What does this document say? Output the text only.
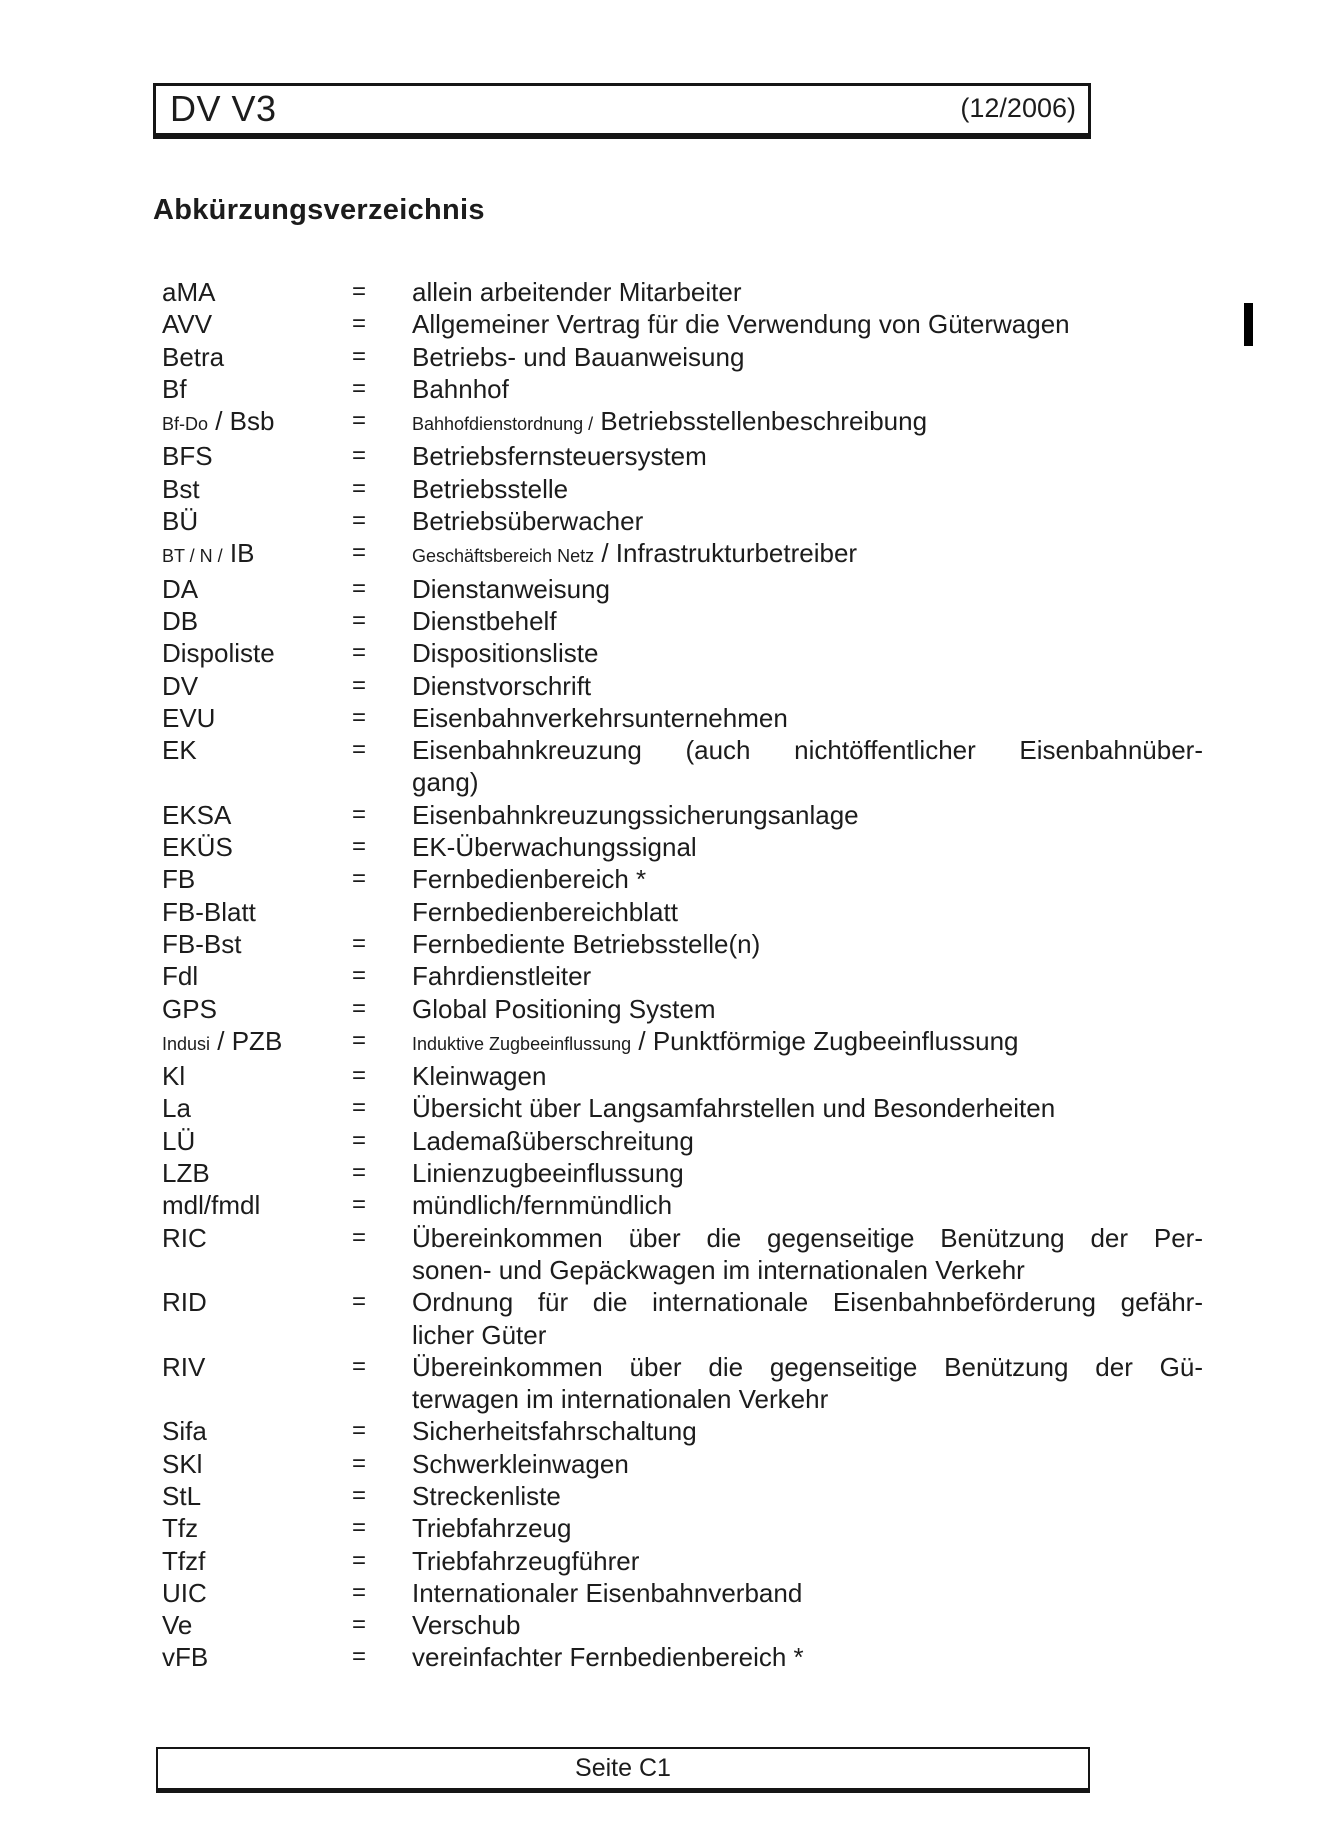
DV V3	(12/2006)
Abkürzungsverzeichnis
aMA	=	allein arbeitender Mitarbeiter
AVV	=	Allgemeiner Vertrag für die Verwendung von Güterwagen
Betra	=	Betriebs- und Bauanweisung
Bf	=	Bahnhof
Bf-Do / Bsb	=	Bahhofdienstordnung / Betriebsstellenbeschreibung
BFS	=	Betriebsfernsteuersystem
Bst	=	Betriebsstelle
BÜ	=	Betriebsüberwacher
BT / N / IB	=	Geschäftsbereich Netz / Infrastrukturbetreiber
DA	=	Dienstanweisung
DB	=	Dienstbehelf
Dispoliste	=	Dispositionsliste
DV	=	Dienstvorschrift
EVU	=	Eisenbahnverkehrsunternehmen
EK	=	Eisenbahnkreuzung (auch nichtöffentlicher Eisenbahnüber-
gang)
EKSA	=	Eisenbahnkreuzungssicherungsanlage
EKÜS	=	EK-Überwachungssignal
FB	=	Fernbedienbereich *
FB-Blatt	Fernbedienbereichblatt
FB-Bst	=	Fernbediente Betriebsstelle(n)
Fdl	=	Fahrdienstleiter
GPS	=	Global Positioning System
Indusi / PZB	=	Induktive Zugbeeinflussung / Punktförmige Zugbeeinflussung
Kl	=	Kleinwagen
La	=	Übersicht über Langsamfahrstellen und Besonderheiten
LÜ	=	Lademaßüberschreitung
LZB	=	Linienzugbeeinflussung
mdl/fmdl	=	mündlich/fernmündlich
RIC	=	Übereinkommen über die gegenseitige Benützung der Per-
sonen- und Gepäckwagen im internationalen Verkehr
RID	=	Ordnung für die internationale Eisenbahnbeförderung gefähr-
licher Güter
RIV	=	Übereinkommen über die gegenseitige Benützung der Gü-
terwagen im internationalen Verkehr
Sifa	=	Sicherheitsfahrschaltung
SKl	=	Schwerkleinwagen
StL	=	Streckenliste
Tfz	=	Triebfahrzeug
Tfzf	=	Triebfahrzeugführer
UIC	=	Internationaler Eisenbahnverband
Ve	=	Verschub
vFB	=	vereinfachter Fernbedienbereich *
Seite C1
